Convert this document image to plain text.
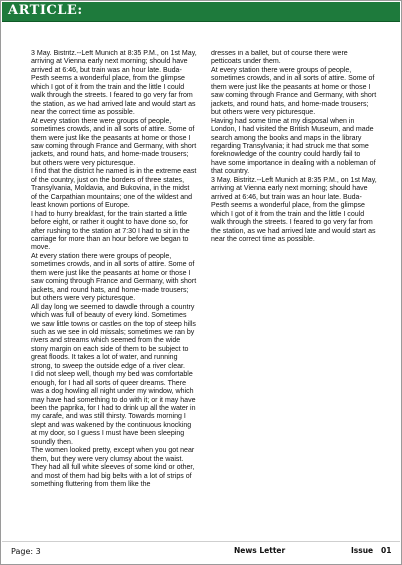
ARTICLE:

3 May. Bistritz.--Left Munich at 8:35 P.M., on 1st May, arriving at Vienna early next morning; should have arrived at 6:46, but train was an hour late. Buda-Pesth seems a wonderful place, from the glimpse which I got of it from the train and the little I could walk through the streets. I feared to go very far from the station, as we had arrived late and would start as near the correct time as possible.

At every station there were groups of people, sometimes crowds, and in all sorts of attire. Some of them were just like the peasants at home or those I saw coming through France and Germany, with short jackets, and round hats, and home-made trousers; but others were very picturesque.

I find that the district he named is in the extreme east of the country, just on the borders of three states, Transylvania, Moldavia, and Bukovina, in the midst of the Carpathian mountains; one of the wildest and least known portions of Europe.

I had to hurry breakfast, for the train started a little before eight, or rather it ought to have done so, for after rushing to the station at 7:30 I had to sit in the carriage for more than an hour before we began to move.

At every station there were groups of people, sometimes crowds, and in all sorts of attire. Some of them were just like the peasants at home or those I saw coming through France and Germany, with short jackets, and round hats, and home-made trousers; but others were very picturesque.

All day long we seemed to dawdle through a country which was full of beauty of every kind. Sometimes we saw little towns or castles on the top of steep hills such as we see in old missals; sometimes we ran by rivers and streams which seemed from the wide stony margin on each side of them to be subject to great floods. It takes a lot of water, and running strong, to sweep the outside edge of a river clear.

I did not sleep well, though my bed was comfortable enough, for I had all sorts of queer dreams. There was a dog howling all night under my window, which may have had something to do with it; or it may have been the paprika, for I had to drink up all the water in my carafe, and was still thirsty. Towards morning I slept and was wakened by the continuous knocking at my door, so I guess I must have been sleeping soundly then.

The women looked pretty, except when you got near them, but they were very clumsy about the waist. They had all full white sleeves of some kind or other, and most of them had big belts with a lot of strips of something fluttering from them like the

dresses in a ballet, but of course there were petticoats under them.

At every station there were groups of people, sometimes crowds, and in all sorts of attire. Some of them were just like the peasants at home or those I saw coming through France and Germany, with short jackets, and round hats, and home-made trousers; but others were very picturesque.

Having had some time at my disposal when in London, I had visited the British Museum, and made search among the books and maps in the library regarding Transylvania; it had struck me that some foreknowledge of the country could hardly fail to have some importance in dealing with a nobleman of that country.

3 May. Bistritz.--Left Munich at 8:35 P.M., on 1st May, arriving at Vienna early next morning; should have arrived at 6:46, but train was an hour late. Buda-Pesth seems a wonderful place, from the glimpse which I got of it from the train and the little I could walk through the streets. I feared to go very far from the station, as we had arrived late and would start as near the correct time as possible.

Page: 3	News Letter	Issue 01
